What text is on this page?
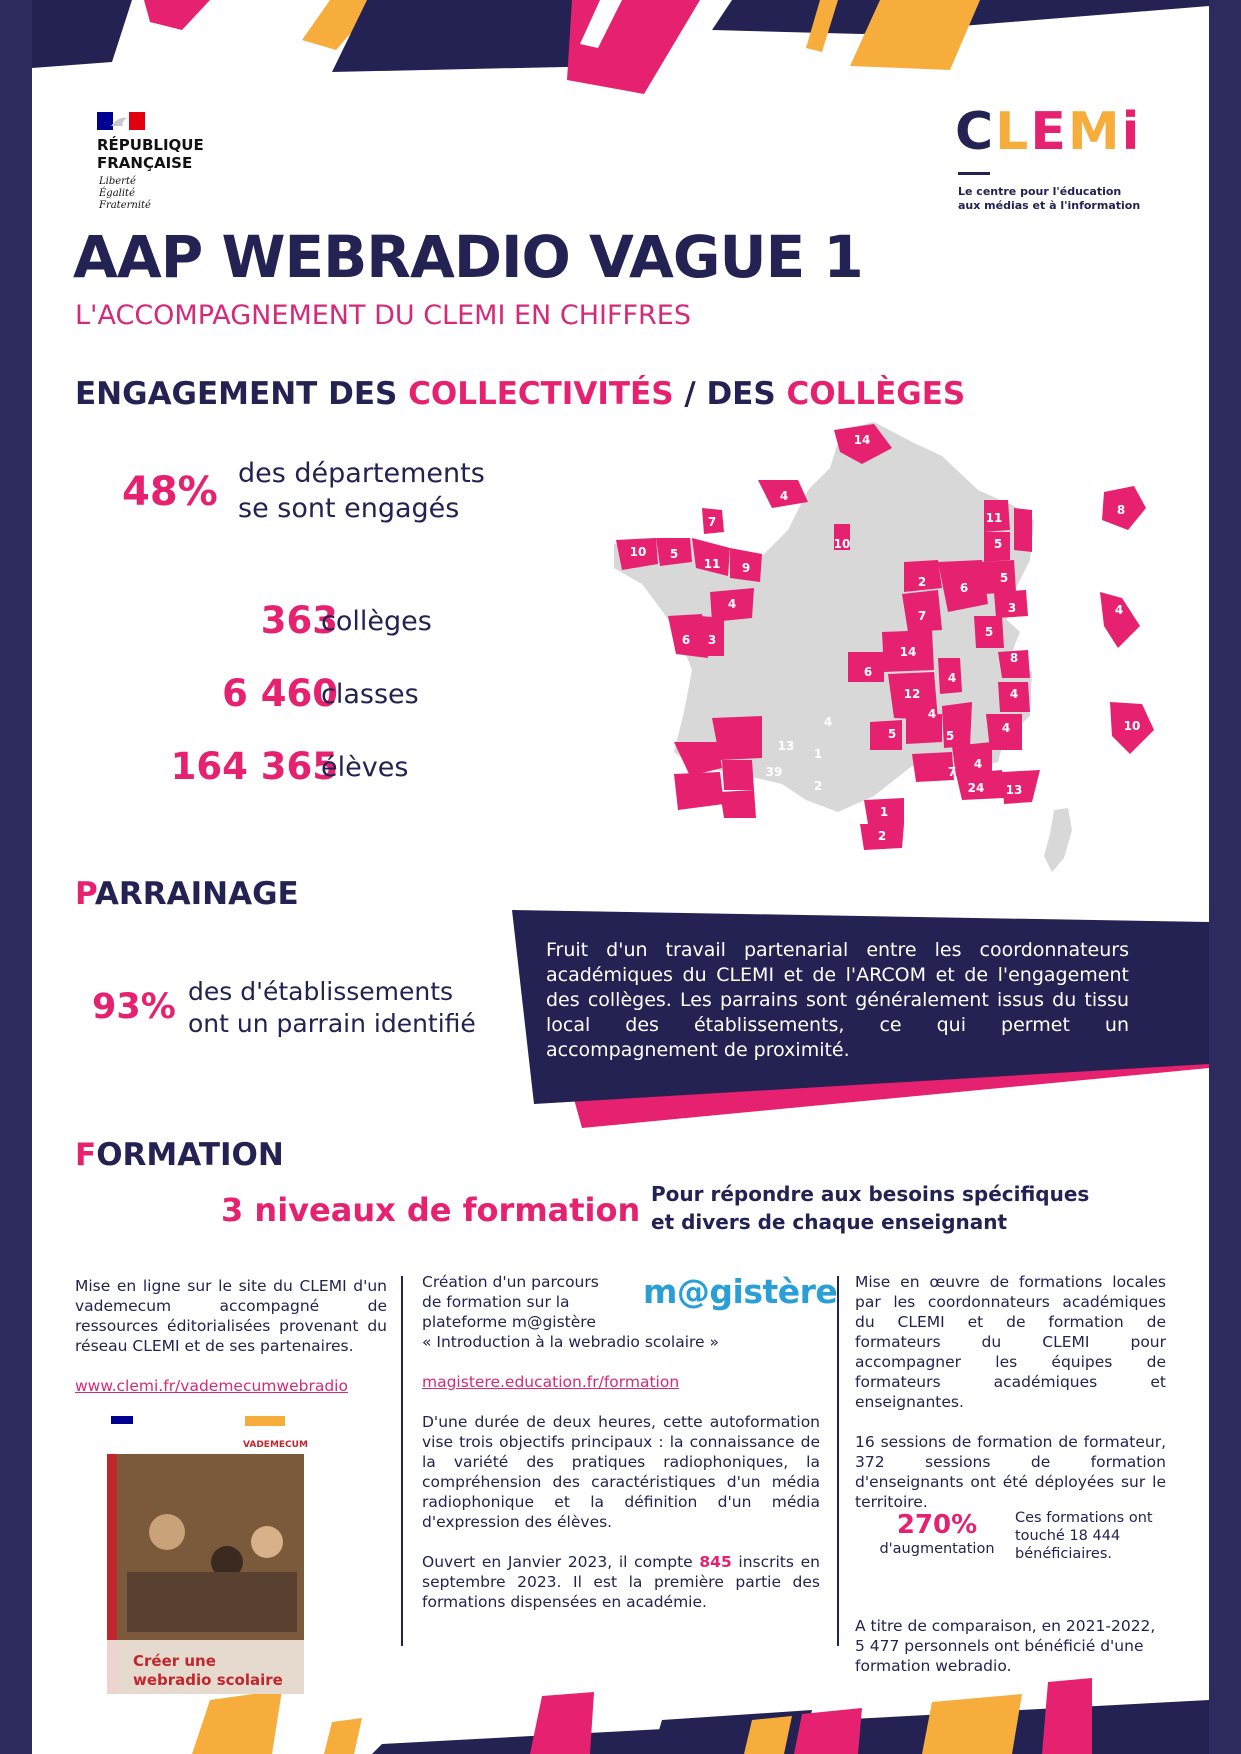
RÉPUBLIQUE
FRANÇAISE
Liberté
Égalité
Fraternité
CLEMi
Le centre pour l'éducation
aux médias et à l'information
AAP WEBRADIO VAGUE 1
L'ACCOMPAGNEMENT DU CLEMI EN CHIFFRES
ENGAGEMENT DES COLLECTIVITÉS / DES COLLÈGES
48% des départements
se sont engagés
363
collèges
6 460
classes
164 365
élèves
14
4
7
10 5
11 9
4
6 3
15
10
2	6
7
14
6
12
4
5
4
5
4
1
13
39
2
7
4
24 13
1
2
11
5	15
5
3
5
8
4
4
8
4
10
PARRAINAGE
93% des d'établissements
ont un parrain identifié
Fruit d'un travail partenarial entre les coordonnateurs académiques du CLEMI et de l'ARCOM et de l'engagement des collèges. Les parrains sont généralement issus du tissu local des établissements, ce qui permet un accompagnement de proximité.
FORMATION
3 niveaux de formation Pour répondre aux besoins spécifiques
et divers de chaque enseignant

Mise en ligne sur le site du CLEMI d'un vademecum accompagné de ressources éditorialisées provenant du réseau CLEMI et de ses partenaires.

www.clemi.fr/vademecumwebradio

VADEMECUM
Créer une
webradio scolaire

Création d'un parcours de formation sur la plateforme m@gistère
« Introduction à la webradio scolaire »

magistere.education.fr/formation

D'une durée de deux heures, cette autoformation vise trois objectifs principaux : la connaissance de la variété des pratiques radiophoniques, la compréhension des caractéristiques d'un média radiophonique et la définition d'un média d'expression des élèves.

Ouvert en Janvier 2023, il compte 845 inscrits en septembre 2023. Il est la première partie des formations dispensées en académie.

m@gistère Mise en œuvre de formations locales par les coordonnateurs académiques du CLEMI et de formation de formateurs du CLEMI pour accompagner les équipes de formateurs académiques et enseignantes.

16 sessions de formation de formateur, 372 sessions de formation d'enseignants ont été déployées sur le territoire.

A titre de comparaison, en 2021-2022, 5 477 personnels ont bénéficié d'une formation webradio.

270%
d'augmentation
Ces formations ont touché 18 444 bénéficiaires.
